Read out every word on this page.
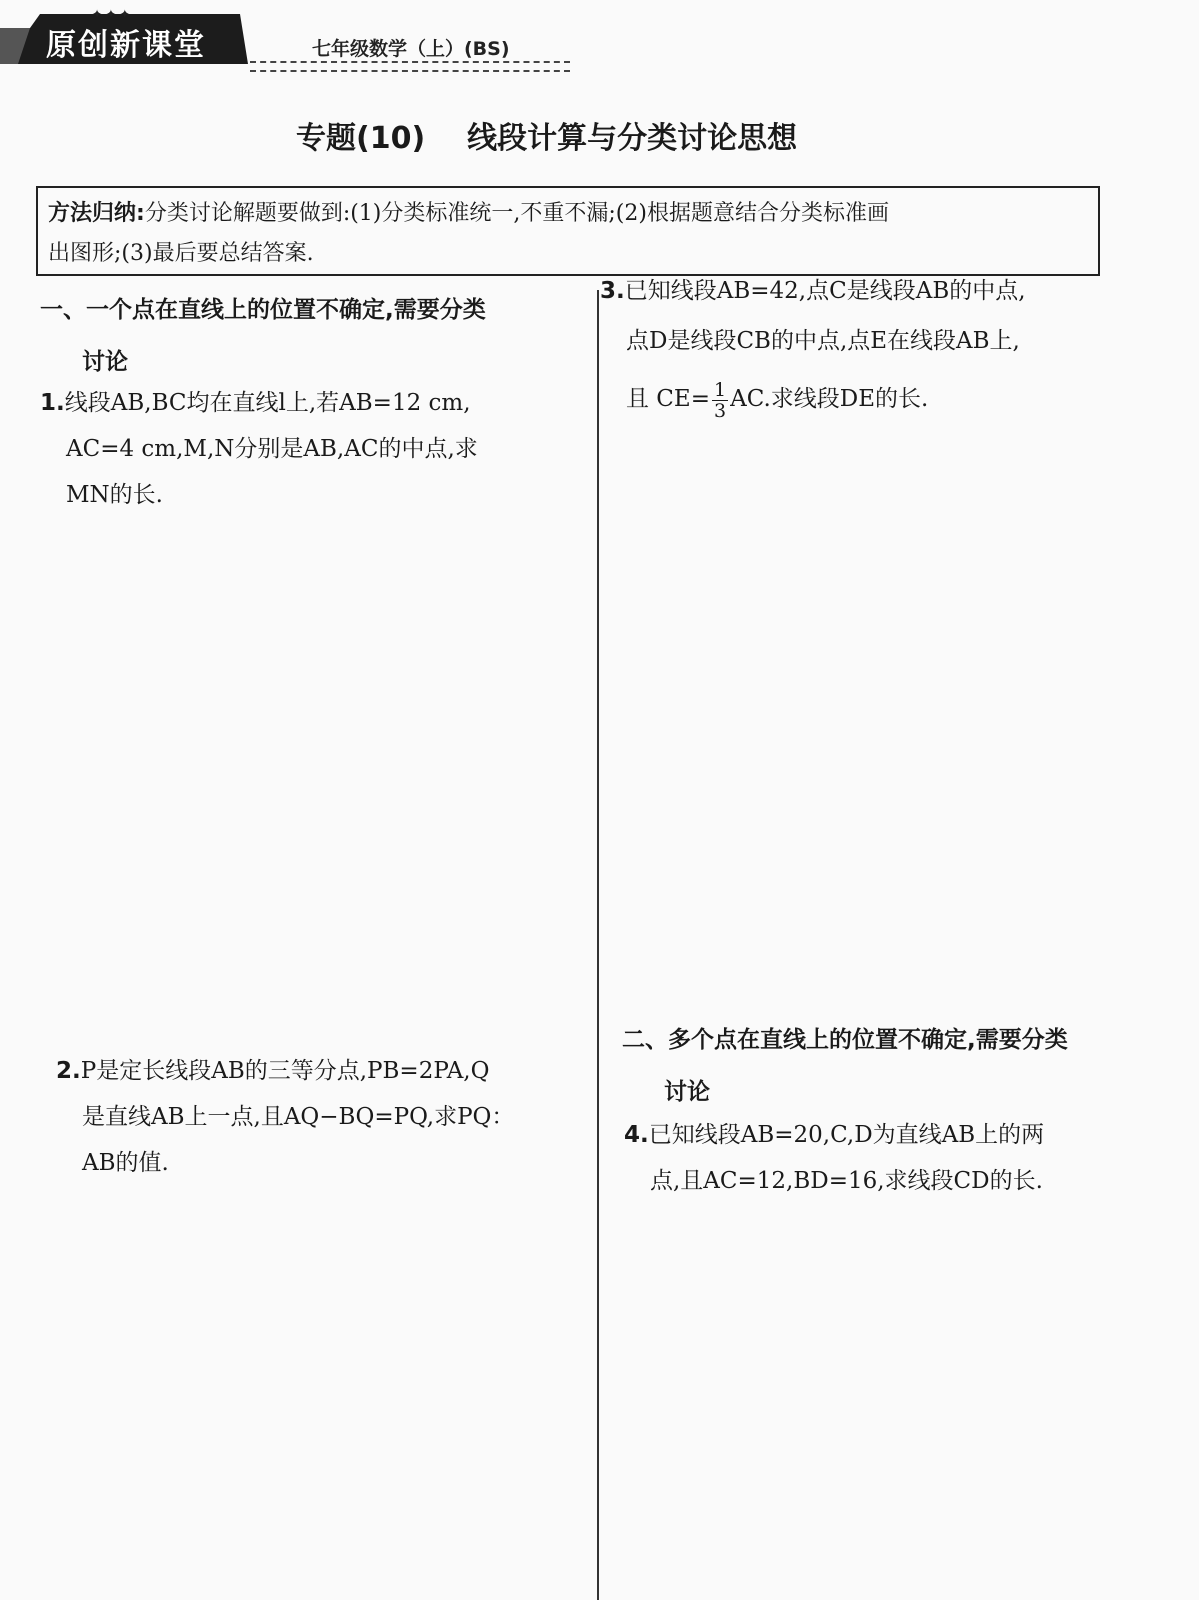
✦ ✦ ✦
原创新课堂	七年级数学（上）(BS)
专题(10) 线段计算与分类讨论思想
方法归纳:分类讨论解题要做到:(1)分类标准统一,不重不漏;(2)根据题意结合分类标准画
出图形;(3)最后要总结答案.
一、一个点在直线上的位置不确定,需要分类
讨论
1.线段AB,BC均在直线l上,若AB=12 cm,
AC=4 cm,M,N分别是AB,AC的中点,求
MN的长.
2.P是定长线段AB的三等分点,PB=2PA,Q
是直线AB上一点,且AQ−BQ=PQ,求PQ：
AB的值.
3.已知线段AB=42,点C是线段AB的中点,
点D是线段CB的中点,点E在线段AB上,
且 $CE= \frac{1}{3}$ AC.求线段DE的长.
二、多个点在直线上的位置不确定,需要分类
讨论
4.已知线段AB=20,C,D为直线AB上的两
点,且AC=12,BD=16,求线段CD的长.
